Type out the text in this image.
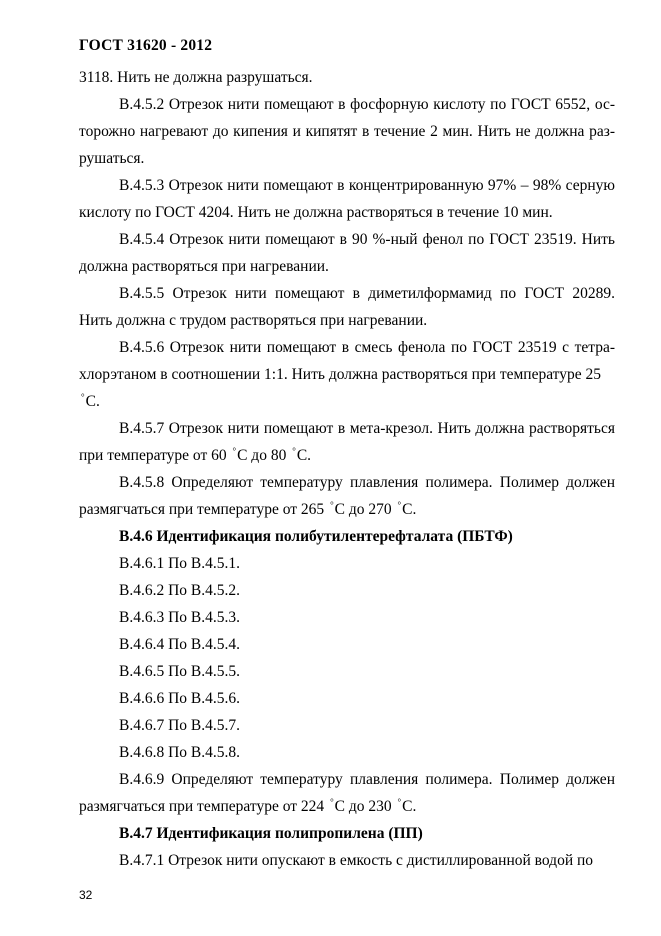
ГОСТ 31620 - 2012

3118. Нить не должна разрушаться.

В.4.5.2 Отрезок нити помещают в фосфорную кислоту по ГОСТ 6552, ос-торожно нагревают до кипения и кипятят в течение 2 мин. Нить не должна раз-рушаться.

В.4.5.3 Отрезок нити помещают в концентрированную 97% – 98% серную кислоту по ГОСТ 4204. Нить не должна растворяться в течение 10 мин.

В.4.5.4 Отрезок нити помещают в 90 %-ный фенол по ГОСТ 23519. Нить должна растворяться при нагревании.

В.4.5.5 Отрезок нити помещают в диметилформамид по ГОСТ 20289. Нить должна с трудом растворяться при нагревании.

В.4.5.6 Отрезок нити помещают в смесь фенола по ГОСТ 23519 с тетра-хлорэтаном в соотношении 1:1. Нить должна растворяться при температуре 25
°С.

В.4.5.7 Отрезок нити помещают в мета-крезол. Нить должна растворяться при температуре от 60 °С до 80 °С.

В.4.5.8 Определяют температуру плавления полимера. Полимер должен размягчаться при температуре от 265 °С до 270 °С.

В.4.6 Идентификация полибутилентерефталата (ПБТФ)

В.4.6.1 По В.4.5.1.

В.4.6.2 По В.4.5.2.

В.4.6.3 По В.4.5.3.

В.4.6.4 По В.4.5.4.

В.4.6.5 По В.4.5.5.

В.4.6.6 По В.4.5.6.

В.4.6.7 По В.4.5.7.

В.4.6.8 По В.4.5.8.

В.4.6.9 Определяют температуру плавления полимера. Полимер должен размягчаться при температуре от 224 °С до 230 °С.

В.4.7 Идентификация полипропилена (ПП)

В.4.7.1 Отрезок нити опускают в емкость с дистиллированной водой по

32
